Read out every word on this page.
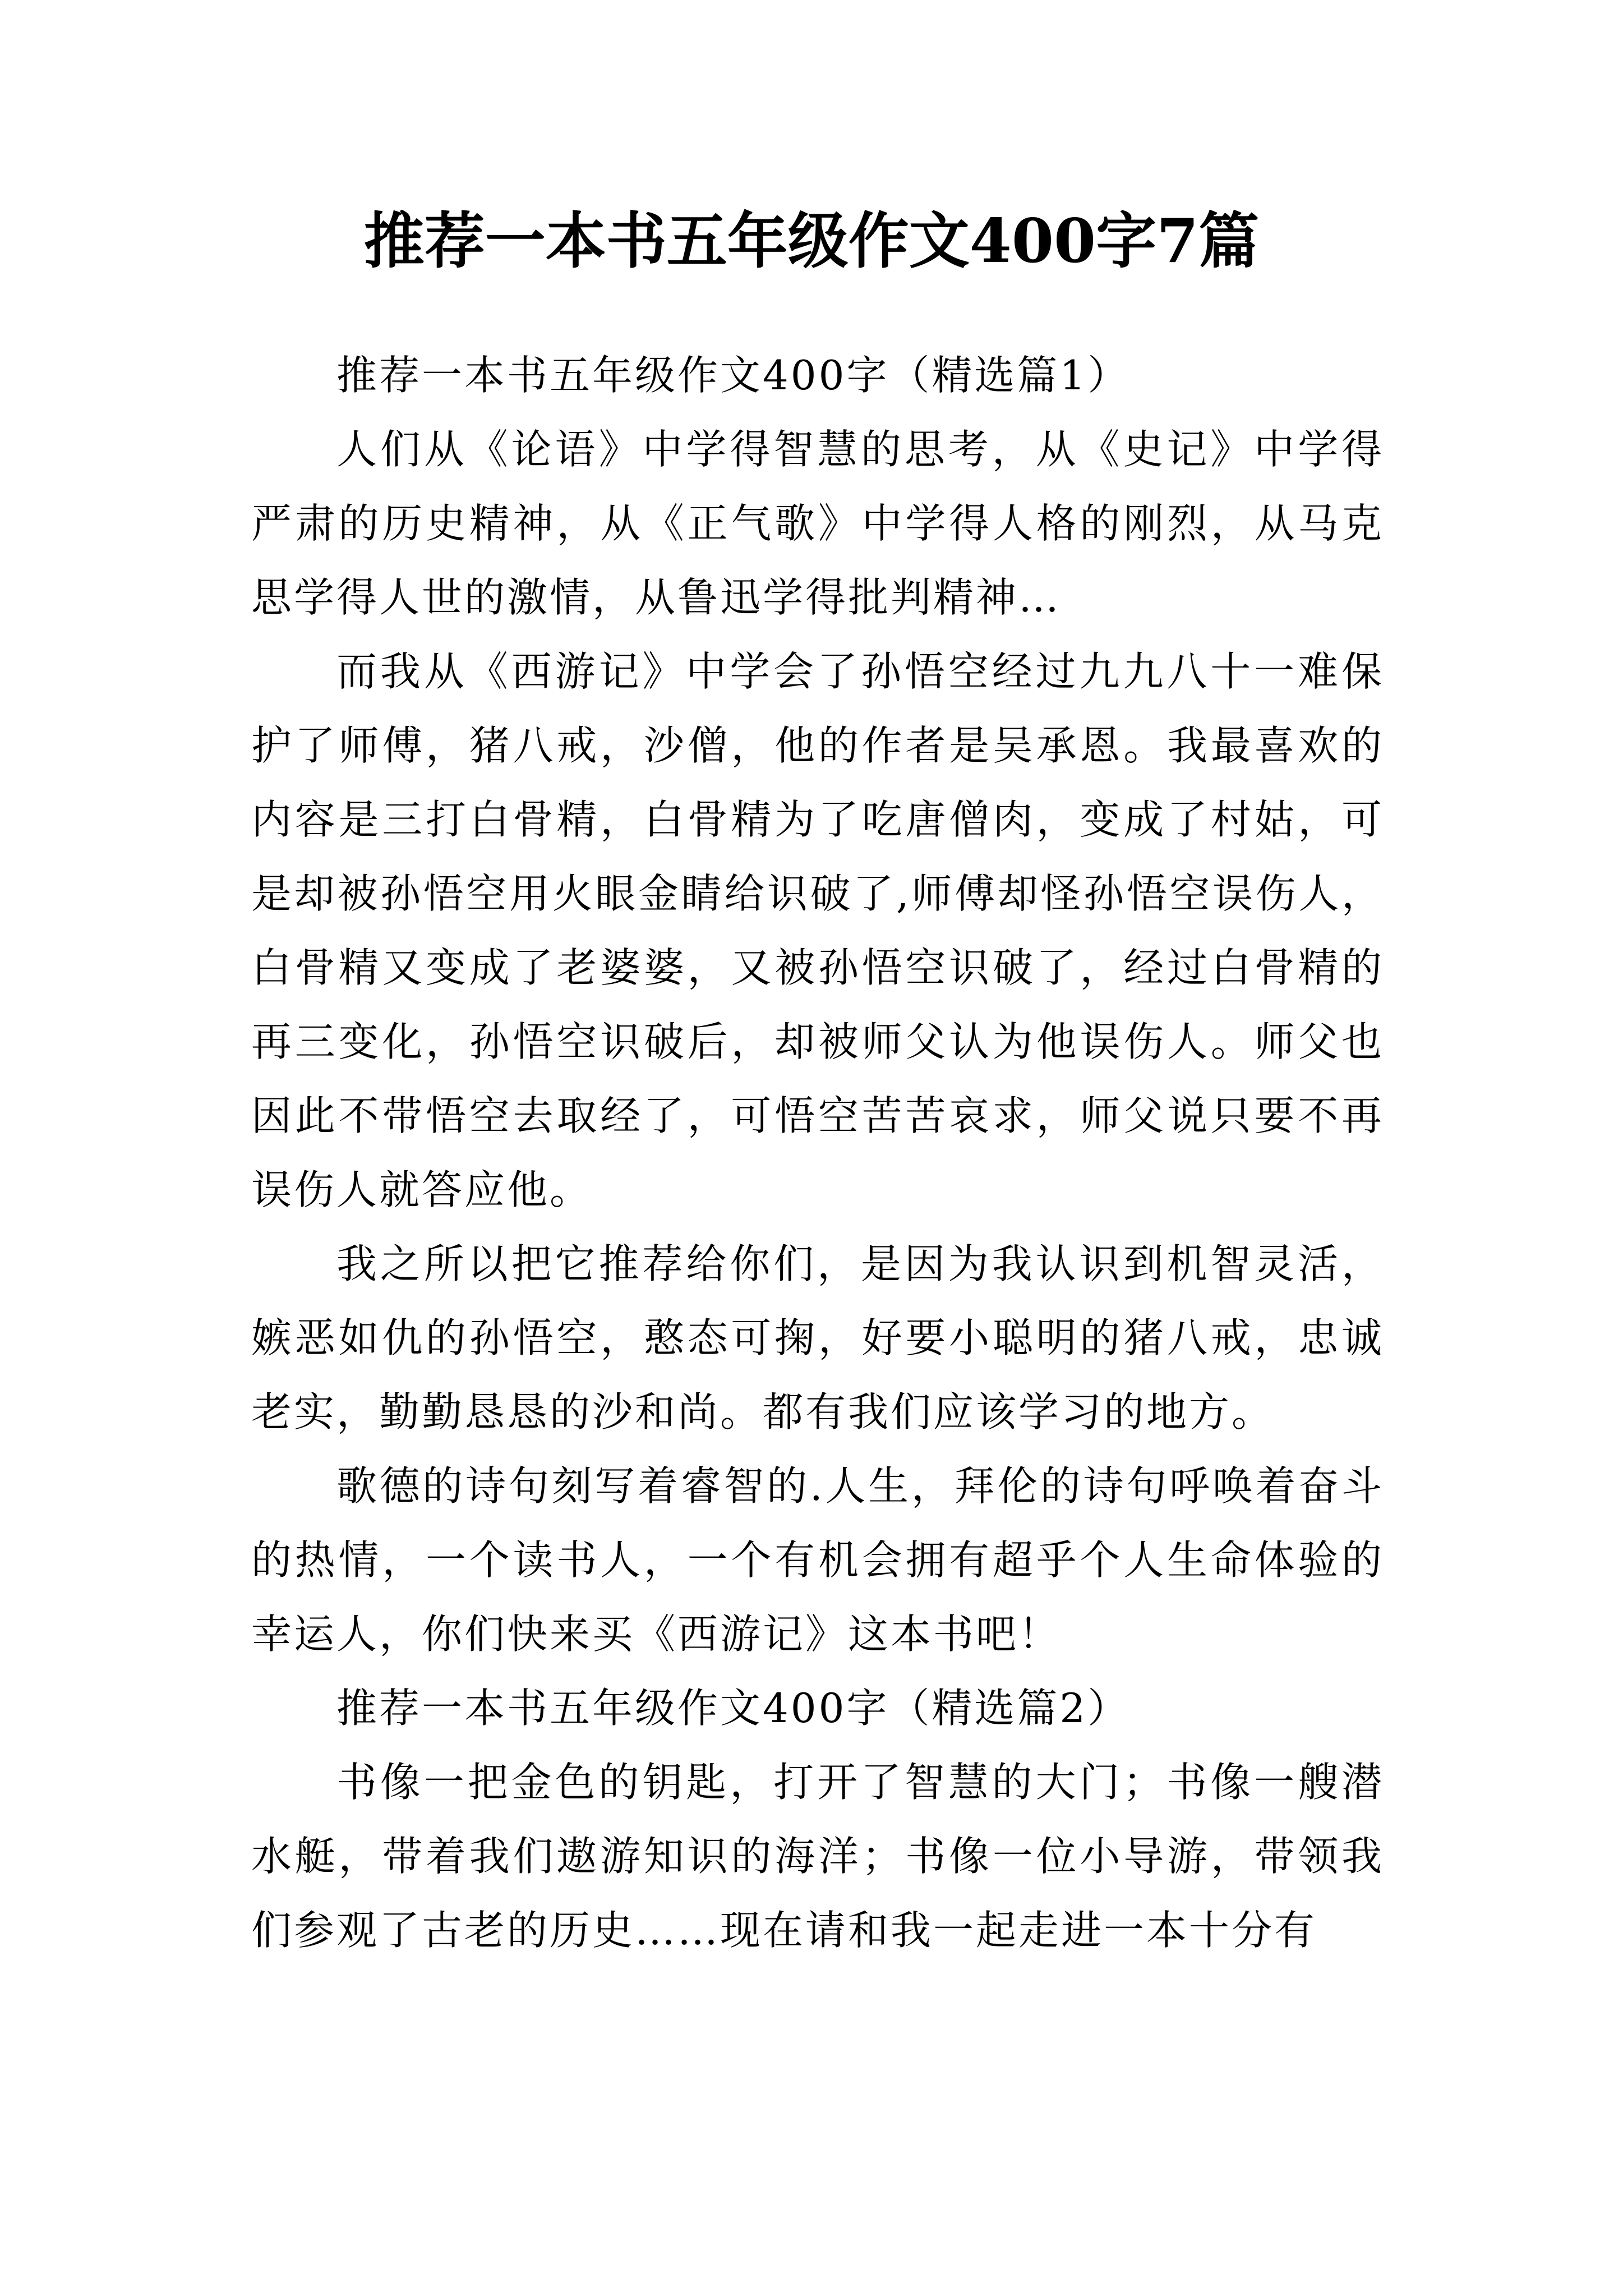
推荐一本书五年级作文400字7篇

推荐一本书五年级作文400字（精选篇1）

人们从《论语》中学得智慧的思考，从《史记》中学得严肃的历史精神，从《正气歌》中学得人格的刚烈，从马克思学得人世的激情，从鲁迅学得批判精神…

而我从《西游记》中学会了孙悟空经过九九八十一难保护了师傅，猪八戒，沙僧，他的作者是吴承恩。我最喜欢的内容是三打白骨精，白骨精为了吃唐僧肉，变成了村姑，可是却被孙悟空用火眼金睛给识破了,师傅却怪孙悟空误伤人，白骨精又变成了老婆婆，又被孙悟空识破了，经过白骨精的再三变化，孙悟空识破后，却被师父认为他误伤人。师父也因此不带悟空去取经了，可悟空苦苦哀求，师父说只要不再误伤人就答应他。

我之所以把它推荐给你们，是因为我认识到机智灵活，嫉恶如仇的孙悟空，憨态可掬，好要小聪明的猪八戒，忠诚老实，勤勤恳恳的沙和尚。都有我们应该学习的地方。

歌德的诗句刻写着睿智的.人生，拜伦的诗句呼唤着奋斗的热情，一个读书人，一个有机会拥有超乎个人生命体验的幸运人，你们快来买《西游记》这本书吧！

推荐一本书五年级作文400字（精选篇2）

书像一把金色的钥匙，打开了智慧的大门；书像一艘潜水艇，带着我们遨游知识的海洋；书像一位小导游，带领我们参观了古老的历史……现在请和我一起走进一本十分有
